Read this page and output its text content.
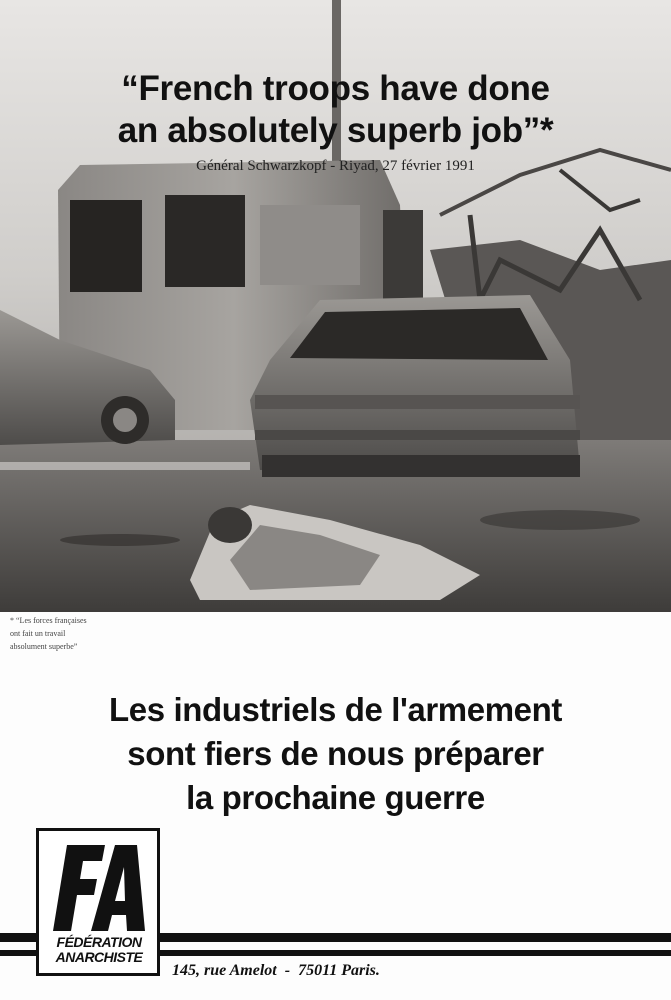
“French troops have done
an absolutely superb job”*
Général Schwarzkopf - Riyad, 27 février 1991
* “Les forces françaises
ont fait un travail
absolument superbe”
Les industriels de l'armement
sont fiers de nous préparer
la prochaine guerre
FÉDÉRATION
ANARCHISTE
145, rue Amelot  -  75011 Paris.
